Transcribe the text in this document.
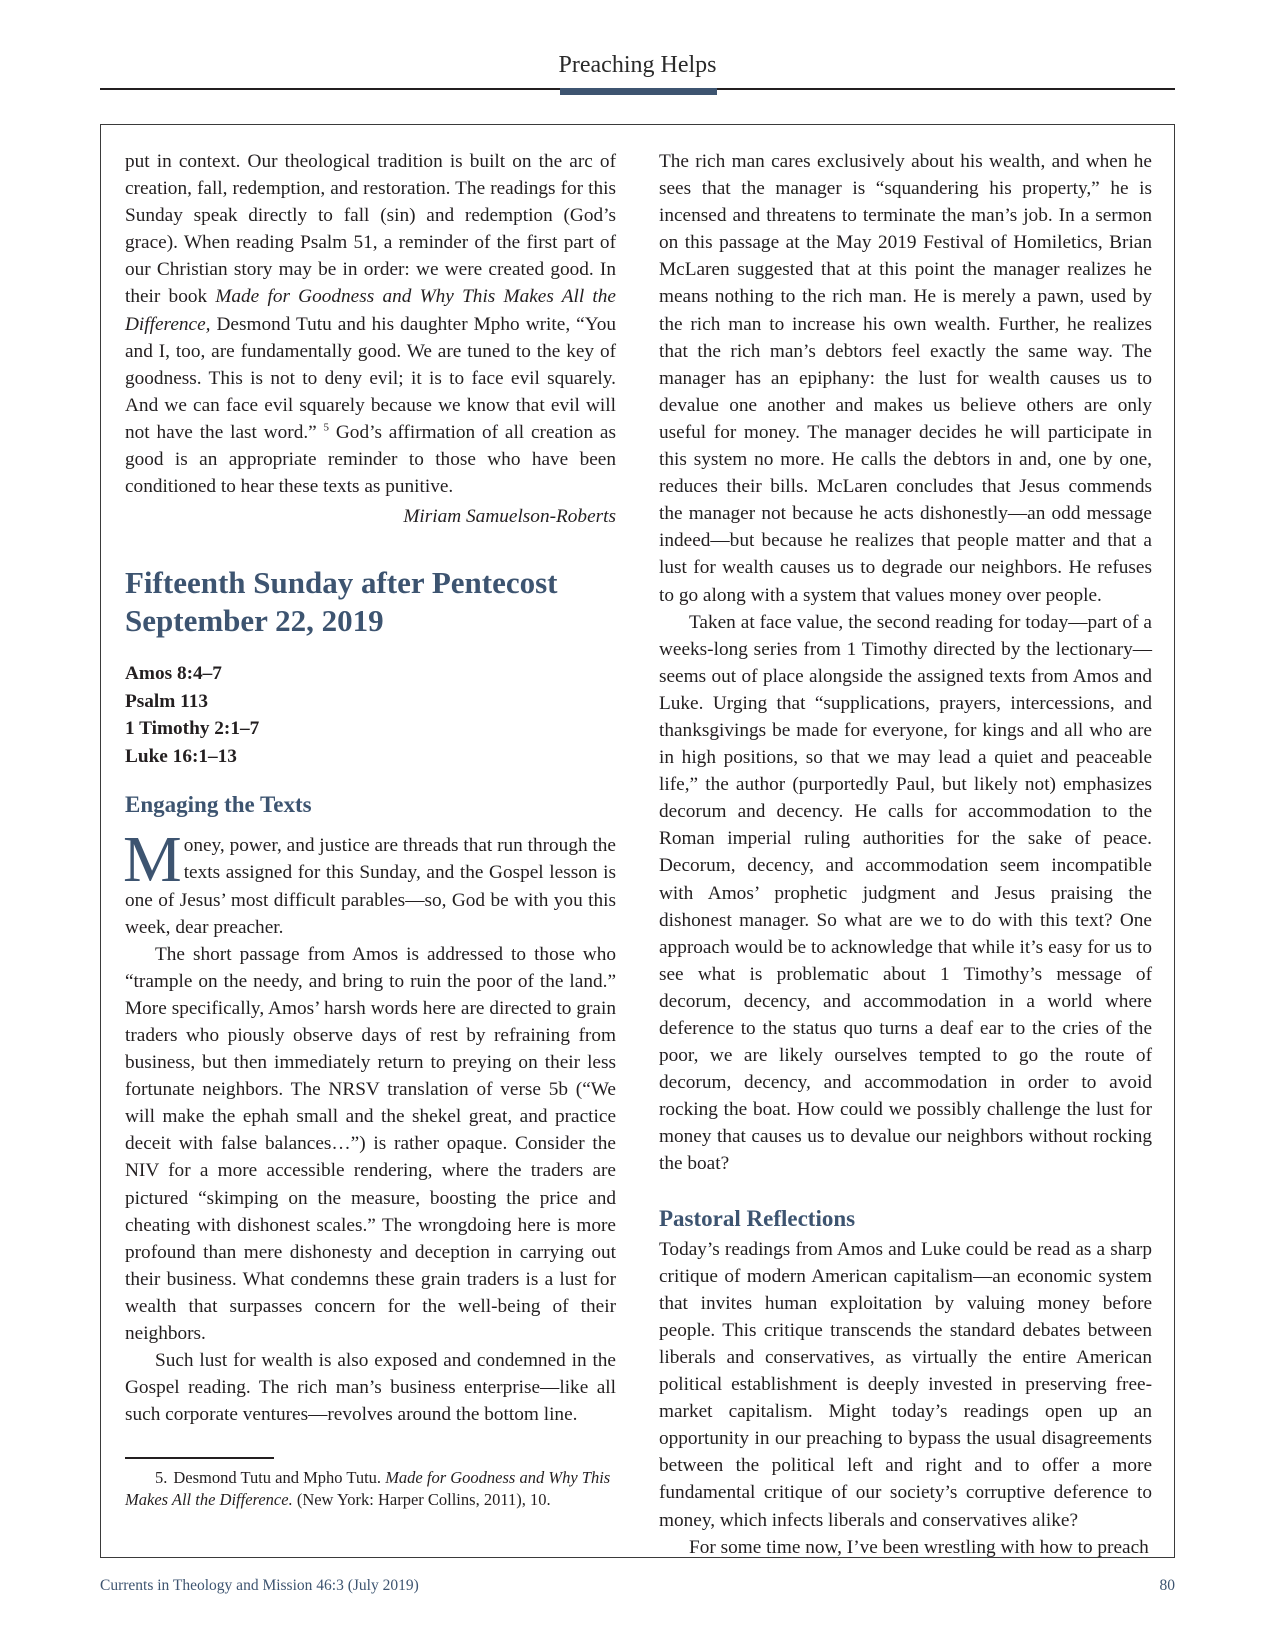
Preaching Helps

put in context. Our theological tradition is built on the arc of creation, fall, redemption, and restoration. The readings for this Sunday speak directly to fall (sin) and redemption (God’s grace). When reading Psalm 51, a reminder of the first part of our Christian story may be in order: we were created good. In their book Made for Goodness and Why This Makes All the Difference, Desmond Tutu and his daughter Mpho write, “You and I, too, are fundamentally good. We are tuned to the key of goodness. This is not to deny evil; it is to face evil squarely. And we can face evil squarely because we know that evil will not have the last word.” $^5$ God’s affirmation of all creation as good is an appropriate reminder to those who have been conditioned to hear these texts as punitive.

Miriam Samuelson-Roberts

Fifteenth Sunday after Pentecost
September 22, 2019

Amos 8:4–7

Psalm 113

1 Timothy 2:1–7

Luke 16:1–13

Engaging the Texts

Money, power, and justice are threads that run through the texts assigned for this Sunday, and the Gospel lesson is one of Jesus’ most difficult parables—so, God be with you this week, dear preacher.

The short passage from Amos is addressed to those who “trample on the needy, and bring to ruin the poor of the land.” More specifically, Amos’ harsh words here are directed to grain traders who piously observe days of rest by refraining from business, but then immediately return to preying on their less fortunate neighbors. The NRSV translation of verse 5b (“We will make the ephah small and the shekel great, and practice deceit with false balances…”) is rather opaque. Consider the NIV for a more accessible rendering, where the traders are pictured “skimping on the measure, boosting the price and cheating with dishonest scales.” The wrongdoing here is more profound than mere dishonesty and deception in carrying out their business. What condemns these grain traders is a lust for wealth that surpasses concern for the well-being of their neighbors.

Such lust for wealth is also exposed and condemned in the Gospel reading. The rich man’s business enterprise—like all such corporate ventures—revolves around the bottom line.

5. Desmond Tutu and Mpho Tutu. Made for Goodness and Why This Makes All the Difference. (New York: Harper Collins, 2011), 10.

The rich man cares exclusively about his wealth, and when he sees that the manager is “squandering his property,” he is incensed and threatens to terminate the man’s job. In a sermon on this passage at the May 2019 Festival of Homiletics, Brian McLaren suggested that at this point the manager realizes he means nothing to the rich man. He is merely a pawn, used by the rich man to increase his own wealth. Further, he realizes that the rich man’s debtors feel exactly the same way. The manager has an epiphany: the lust for wealth causes us to devalue one another and makes us believe others are only useful for money. The manager decides he will participate in this system no more. He calls the debtors in and, one by one, reduces their bills. McLaren concludes that Jesus commends the manager not because he acts dishonestly—an odd message indeed—but because he realizes that people matter and that a lust for wealth causes us to degrade our neighbors. He refuses to go along with a system that values money over people.

Taken at face value, the second reading for today—part of a weeks-long series from 1 Timothy directed by the lectionary—seems out of place alongside the assigned texts from Amos and Luke. Urging that “supplications, prayers, intercessions, and thanksgivings be made for everyone, for kings and all who are in high positions, so that we may lead a quiet and peaceable life,” the author (purportedly Paul, but likely not) emphasizes decorum and decency. He calls for accommodation to the Roman imperial ruling authorities for the sake of peace. Decorum, decency, and accommodation seem incompatible with Amos’ prophetic judgment and Jesus praising the dishonest manager. So what are we to do with this text? One approach would be to acknowledge that while it’s easy for us to see what is problematic about 1 Timothy’s message of decorum, decency, and accommodation in a world where deference to the status quo turns a deaf ear to the cries of the poor, we are likely ourselves tempted to go the route of decorum, decency, and accommodation in order to avoid rocking the boat. How could we possibly challenge the lust for money that causes us to devalue our neighbors without rocking the boat?

Pastoral Reflections

Today’s readings from Amos and Luke could be read as a sharp critique of modern American capitalism—an economic system that invites human exploitation by valuing money before people. This critique transcends the standard debates between liberals and conservatives, as virtually the entire American political establishment is deeply invested in preserving free-market capitalism. Might today’s readings open up an opportunity in our preaching to bypass the usual disagreements between the political left and right and to offer a more fundamental critique of our society’s corruptive deference to money, which infects liberals and conservatives alike?

For some time now, I’ve been wrestling with how to preach

Currents in Theology and Mission 46:3 (July 2019)	80
